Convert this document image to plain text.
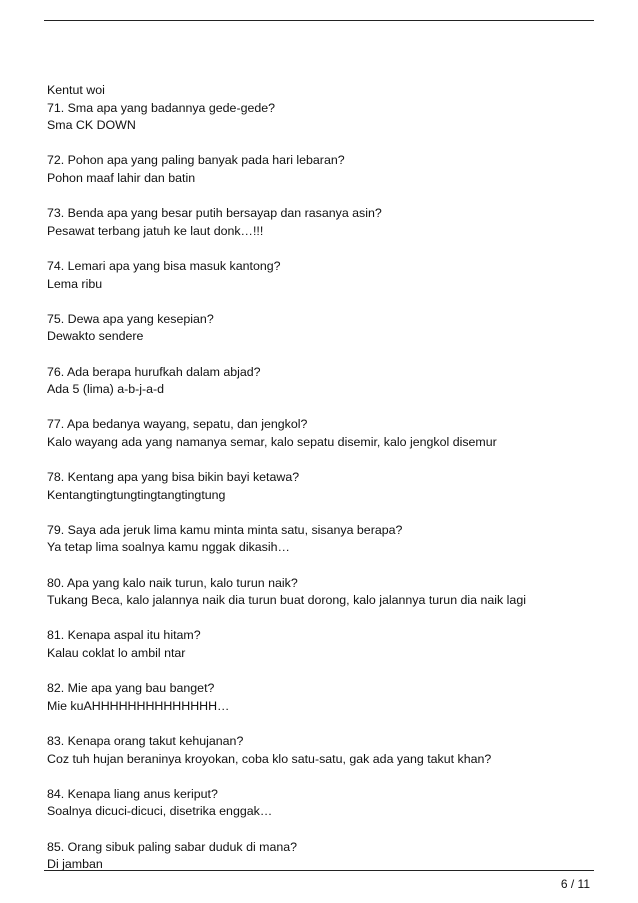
Kentut woi

71. Sma apa yang badannya gede-gede?

Sma CK DOWN

72. Pohon apa yang paling banyak pada hari lebaran?

Pohon maaf lahir dan batin

73. Benda apa yang besar putih bersayap dan rasanya asin?

Pesawat terbang jatuh ke laut donk…!!!

74. Lemari apa yang bisa masuk kantong?

Lema ribu

75. Dewa apa yang kesepian?

Dewakto sendere

76. Ada berapa hurufkah dalam abjad?

Ada 5 (lima) a-b-j-a-d

77. Apa bedanya wayang, sepatu, dan jengkol?

Kalo wayang ada yang namanya semar, kalo sepatu disemir, kalo jengkol disemur

78. Kentang apa yang bisa bikin bayi ketawa?

Kentangtingtungtingtangtingtung

79. Saya ada jeruk lima kamu minta minta satu, sisanya berapa?

Ya tetap lima soalnya kamu nggak dikasih…

80. Apa yang kalo naik turun, kalo turun naik?

Tukang Beca, kalo jalannya naik dia turun buat dorong, kalo jalannya turun dia naik lagi

81. Kenapa aspal itu hitam?

Kalau coklat lo ambil ntar

82. Mie apa yang bau banget?

Mie kuAHHHHHHHHHHHHHH…

83. Kenapa orang takut kehujanan?

Coz tuh hujan beraninya kroyokan, coba klo satu-satu, gak ada yang takut khan?

84. Kenapa liang anus keriput?

Soalnya dicuci-dicuci, disetrika enggak…

85. Orang sibuk paling sabar duduk di mana?

Di jamban

6 / 11
